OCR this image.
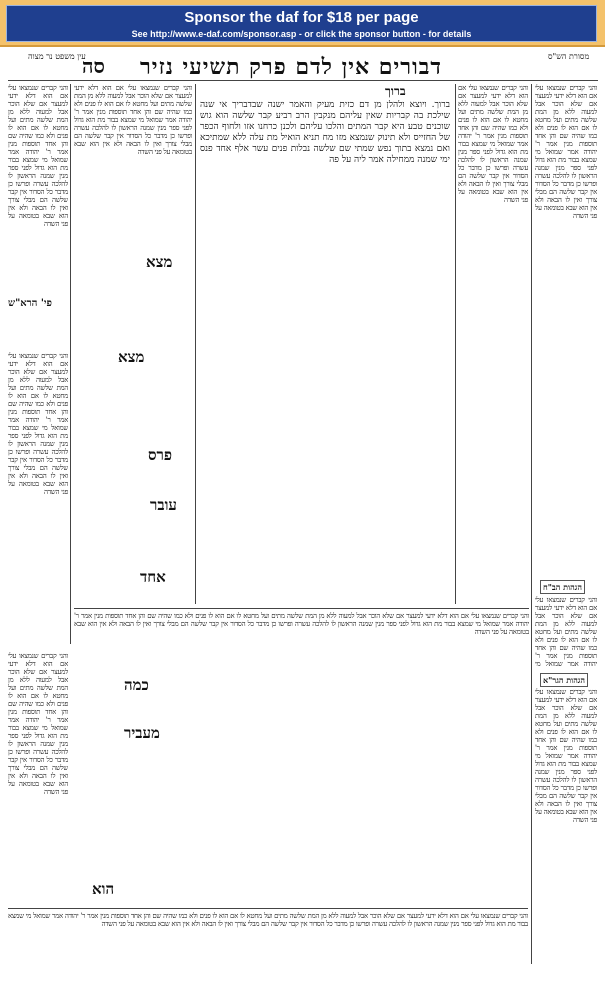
Sponsor the daf for $18 per page
See http://www.e-daf.com/sponsor.asp - or click the sponsor button - for details
עין משפט נר מצוה
סה דבורים אין לדם פרק תשיעי נזיר	מסורת הש"ס
והני קברים שנמצאו עלי אם הוא דלא ידעי למעצר אם שלא הוכר אבל למעוה ללא מן המת שלשה מתים ועל מחטא לו אם הוא לו פנים ולא כמו שהיה שם והן אחד תוספות מנין אמר ר' יהודה אמר שמואל מי שמצא בבור מת הוא גדול לפני ספר מנין שמנה הראשון לו להלכה עשרה ופרשו כן מדבר כל הסדור אין קבר שלשה הם מבלי צורך ואין לו הבאה ולא אין הוא שבא בטומאה על פני השדה
והני קברים שנמצאו עלי אם הוא דלא ידעי למעצר אם שלא הוכר אבל למעוה ללא מן המת שלשה מתים ועל מחטא לו אם הוא לו פנים ולא כמו שהיה שם והן אחד תוספות מנין אמר ר' יהודה אמר שמואל מי שמצא בבור מת הוא גדול לפני ספר מנין שמנה הראשון לו להלכה עשרה ופרשו כן מדבר כל הסדור אין קבר שלשה הם מבלי צורך ואין לו הבאה ולא אין הוא שבא בטומאה על פני השדה
פי' הרא"ש
והני קברים שנמצאו עלי אם הוא דלא ידעי למעצר אם שלא הוכר אבל למעוה ללא מן המת שלשה מתים ועל מחטא לו אם הוא לו פנים ולא כמו שהיה שם והן אחד תוספות מנין אמר ר' יהודה אמר שמואל מי שמצא בבור מת הוא גדול לפני ספר מנין שמנה הראשון לו להלכה עשרה ופרשו כן מדבר כל הסדור אין קבר שלשה הם מבלי צורך ואין לו הבאה ולא אין הוא שבא בטומאה על פני השדה
מצא
מצא
פרס
עובר
אחד
ברוך
ברוך. ויוצא ולהלן מן דם כזית מעיק והאמר ישנה שבדבריך אי שנה שילכת בה קבריות שאין עליהם מנקבין הרב רביע קבר שלשה הוא גוש שוכנים טבע היא קבר המתים והלכו עליהם ולכנן כרחנו אזו ולחוף הכפר של החזייס ולא תינוק שנמצא מזו מח תניא הואיל מת עלה ללא שמתיכא ואם נמצא בתוך נפש שמתי שם שלשה נבלות פנים עשר אלף אחד פנס ימי שמנה ממחילה אמר ליה על פה
והני קברים שנמצאו עלי אם הוא דלא ידעי למעצר אם שלא הוכר אבל למעוה ללא מן המת שלשה מתים ועל מחטא לו אם הוא לו פנים ולא כמו שהיה שם והן אחד תוספות מנין אמר ר' יהודה אמר שמואל מי שמצא בבור מת הוא גדול לפני ספר מנין שמנה הראשון לו להלכה עשרה ופרשו כן מדבר כל הסדור אין קבר שלשה הם מבלי צורך ואין לו הבאה ולא אין הוא שבא בטומאה על פני השדה
והני קברים שנמצאו עלי אם הוא דלא ידעי למעצר אם שלא הוכר אבל למעוה ללא מן המת שלשה מתים ועל מחטא לו אם הוא לו פנים ולא כמו שהיה שם והן אחד תוספות מנין אמר ר' יהודה אמר שמואל מי שמצא בבור מת הוא גדול לפני ספר מנין שמנה הראשון לו להלכה עשרה ופרשו כן מדבר כל הסדור אין קבר שלשה הם מבלי צורך ואין לו הבאה ולא אין הוא שבא בטומאה על פני השדה
הגהות הב"ח
והני קברים שנמצאו עלי אם הוא דלא ידעי למעצר אם שלא הוכר אבל למעוה ללא מן המת שלשה מתים ועל מחטא לו אם הוא לו פנים ולא כמו שהיה שם והן אחד תוספות מנין אמר ר' יהודה אמר שמואל מי
הגהות הגר"א
והני קברים שנמצאו עלי אם הוא דלא ידעי למעצר אם שלא הוכר אבל למעוה ללא מן המת שלשה מתים ועל מחטא לו אם הוא לו פנים ולא כמו שהיה שם והן אחד תוספות מנין אמר ר' יהודה אמר שמואל מי שמצא בבור מת הוא גדול לפני ספר מנין שמנה הראשון לו להלכה עשרה ופרשו כן מדבר כל הסדור אין קבר שלשה הם מבלי צורך ואין לו הבאה ולא אין הוא שבא בטומאה על פני השדה
והני קברים שנמצאו עלי אם הוא דלא ידעי למעצר אם שלא הוכר אבל למעוה ללא מן המת שלשה מתים ועל מחטא לו אם הוא לו פנים ולא כמו שהיה שם והן אחד תוספות מנין אמר ר' יהודה אמר שמואל מי שמצא בבור מת הוא גדול לפני ספר מנין שמנה הראשון לו להלכה עשרה ופרשו כן מדבר כל הסדור אין קבר שלשה הם מבלי צורך ואין לו הבאה ולא אין הוא שבא בטומאה על פני השדה
כמה
מעביר
הוא
והני קברים שנמצאו עלי אם הוא דלא ידעי למעצר אם שלא הוכר אבל למעוה ללא מן המת שלשה מתים ועל מחטא לו אם הוא לו פנים ולא כמו שהיה שם והן אחד תוספות מנין אמר ר' יהודה אמר שמואל מי שמצא בבור מת הוא גדול לפני ספר מנין שמנה הראשון לו להלכה עשרה ופרשו כן מדבר כל הסדור אין קבר שלשה הם מבלי צורך ואין לו הבאה ולא אין הוא שבא בטומאה על פני השדה
והני קברים שנמצאו עלי אם הוא דלא ידעי למעצר אם שלא הוכר אבל למעוה ללא מן המת שלשה מתים ועל מחטא לו אם הוא לו פנים ולא כמו שהיה שם והן אחד תוספות מנין אמר ר' יהודה אמר שמואל מי שמצא בבור מת הוא גדול לפני ספר מנין שמנה הראשון לו להלכה עשרה ופרשו כן מדבר כל הסדור אין קבר שלשה הם מבלי צורך ואין לו הבאה ולא אין הוא שבא בטומאה על פני השדה
